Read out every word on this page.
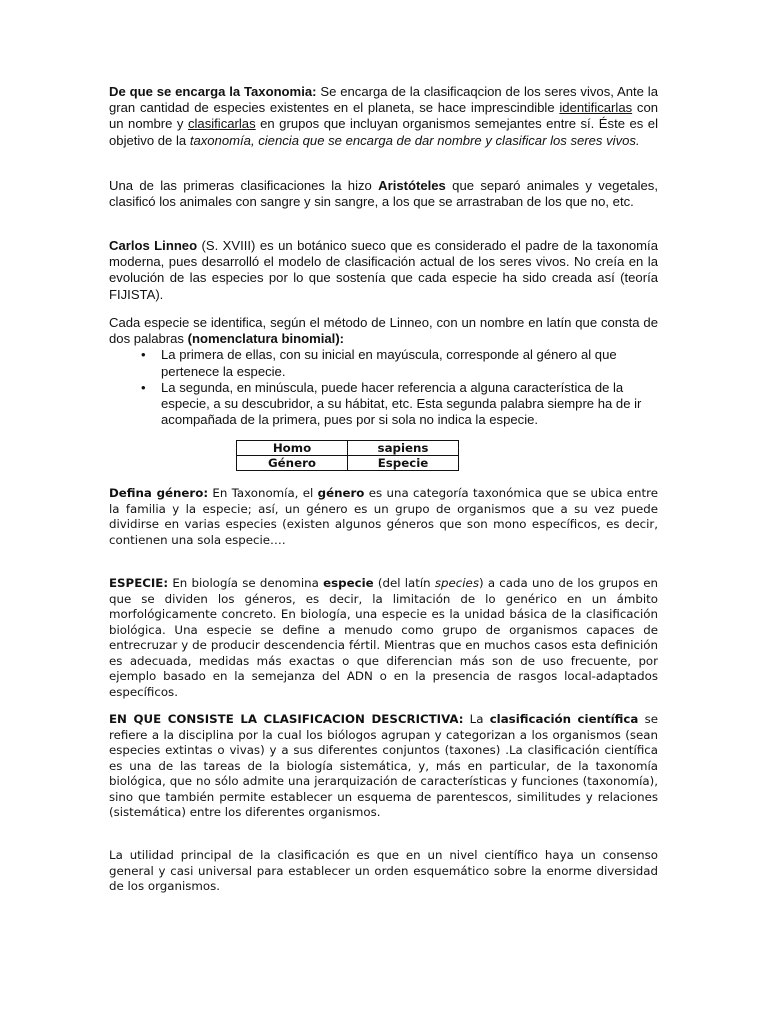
De que se encarga la Taxonomia: Se encarga de la clasificaqcion de los seres vivos, Ante la gran cantidad de especies existentes en el planeta, se hace imprescindible identificarlas con un nombre y clasificarlas en grupos que incluyan organismos semejantes entre sí. Éste es el objetivo de la taxonomía, ciencia que se encarga de dar nombre y clasificar los seres vivos.

Una de las primeras clasificaciones la hizo Aristóteles que separó animales y vegetales, clasificó los animales con sangre y sin sangre, a los que se arrastraban de los que no, etc.

Carlos Linneo (S. XVIII) es un botánico sueco que es considerado el padre de la taxonomía moderna, pues desarrolló el modelo de clasificación actual de los seres vivos. No creía en la evolución de las especies por lo que sostenía que cada especie ha sido creada así (teoría FIJISTA).

Cada especie se identifica, según el método de Linneo, con un nombre en latín que consta de dos palabras (nomenclatura binomial):

• La primera de ellas, con su inicial en mayúscula, corresponde al género al que pertenece la especie.
• La segunda, en minúscula, puede hacer referencia a alguna característica de la especie, a su descubridor, a su hábitat, etc. Esta segunda palabra siempre ha de ir acompañada de la primera, pues por si sola no indica la especie.
Homo	sapiens
Género	Especie

Defina género: En Taxonomía, el género es una categoría taxonómica que se ubica entre la familia y la especie; así, un género es un grupo de organismos que a su vez puede dividirse en varias especies (existen algunos géneros que son mono específicos, es decir, contienen una sola especie….

ESPECIE: En biología se denomina especie (del latín species) a cada uno de los grupos en que se dividen los géneros, es decir, la limitación de lo genérico en un ámbito morfológicamente concreto. En biología, una especie es la unidad básica de la clasificación biológica. Una especie se define a menudo como grupo de organismos capaces de entrecruzar y de producir descendencia fértil. Mientras que en muchos casos esta definición es adecuada, medidas más exactas o que diferencian más son de uso frecuente, por ejemplo basado en la semejanza del ADN o en la presencia de rasgos local-adaptados específicos.

EN QUE CONSISTE LA CLASIFICACION DESCRICTIVA: La clasificación científica se refiere a la disciplina por la cual los biólogos agrupan y categorizan a los organismos (sean especies extintas o vivas) y a sus diferentes conjuntos (taxones) .La clasificación científica es una de las tareas de la biología sistemática, y, más en particular, de la taxonomía biológica, que no sólo admite una jerarquización de características y funciones (taxonomía), sino que también permite establecer un esquema de parentescos, similitudes y relaciones (sistemática) entre los diferentes organismos.

La utilidad principal de la clasificación es que en un nivel científico haya un consenso general y casi universal para establecer un orden esquemático sobre la enorme diversidad de los organismos.
